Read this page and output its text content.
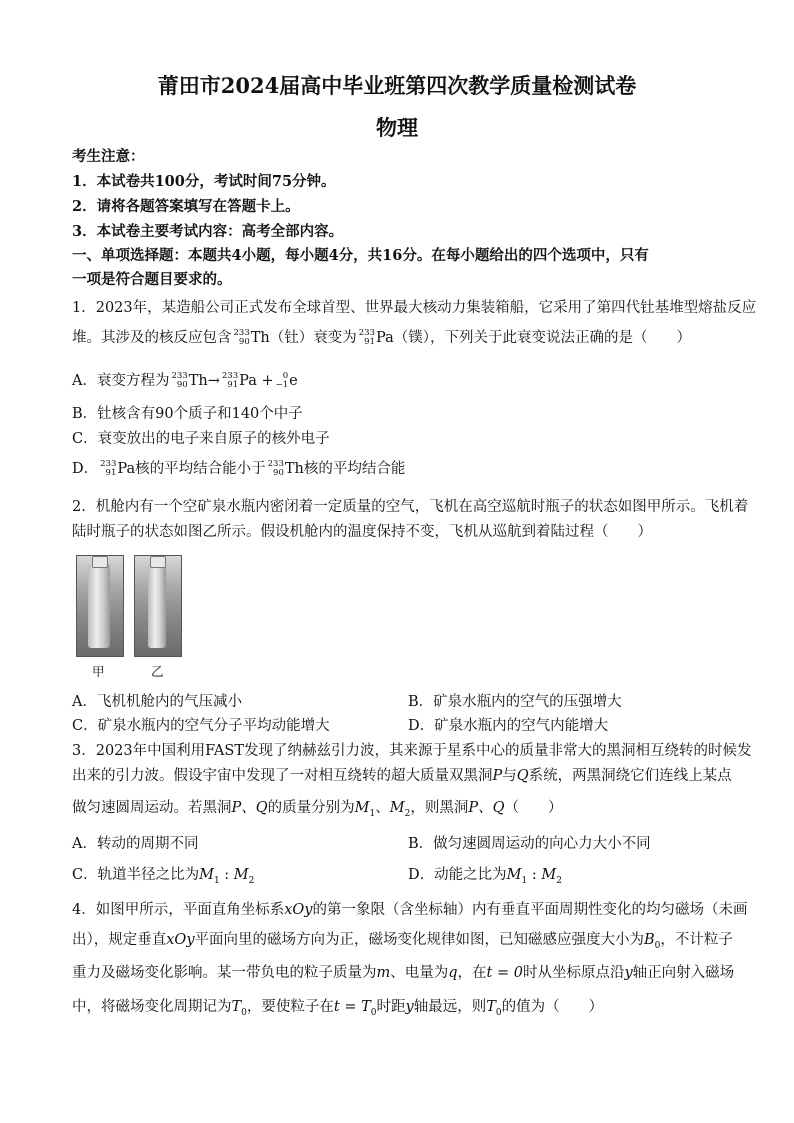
莆田市2024届高中毕业班第四次教学质量检测试卷
物理
考生注意：
1．本试卷共100分，考试时间75分钟。
2．请将各题答案填写在答题卡上。
3．本试卷主要考试内容：高考全部内容。
一、单项选择题：本题共4小题，每小题4分，共16分。在每小题给出的四个选项中，只有
一项是符合题目要求的。
1．2023年，某造船公司正式发布全球首型、世界最大核动力集装箱船，它采用了第四代钍基堆型熔盐反应
堆。其涉及的核反应包含 233
90 Th（钍）衰变为 233
91 Pa（镤），下列关于此衰变说法正确的是（　　）
A．衰变方程为 233
90 Th→ 233
91 Pa +	0
−1 e
B．钍核含有90个质子和140个中子
C．衰变放出的电子来自原子的核外电子
D． 233
91 Pa核的平均结合能小于 233
90 Th核的平均结合能
2．机舱内有一个空矿泉水瓶内密闭着一定质量的空气，飞机在高空巡航时瓶子的状态如图甲所示。飞机着
陆时瓶子的状态如图乙所示。假设机舱内的温度保持不变，飞机从巡航到着陆过程（　　）
甲	乙
A．飞机机舱内的气压减小	B．矿泉水瓶内的空气的压强增大
C．矿泉水瓶内的空气分子平均动能增大	D．矿泉水瓶内的空气内能增大
3．2023年中国利用FAST发现了纳赫兹引力波，其来源于星系中心的质量非常大的黑洞相互绕转的时候发
出来的引力波。假设宇宙中发现了一对相互绕转的超大质量双黑洞P与Q系统，两黑洞绕它们连线上某点
做匀速圆周运动。若黑洞P、Q的质量分别为$M_1$、$M_2$，则黑洞P、Q（　　）
A．转动的周期不同	B．做匀速圆周运动的向心力大小不同
C．轨道半径之比为$M_1$ : $M_2$	D．动能之比为$M_1$ : $M_2$
4．如图甲所示，平面直角坐标系xOy的第一象限（含坐标轴）内有垂直平面周期性变化的均匀磁场（未画
出），规定垂直xOy平面向里的磁场方向为正，磁场变化规律如图，已知磁感应强度大小为$B_0$，不计粒子
重力及磁场变化影响。某一带负电的粒子质量为m、电量为q，在t = 0时从坐标原点沿y轴正向射入磁场
中，将磁场变化周期记为$T_0$，要使粒子在$t = T_0$时距y轴最远，则$T_0$的值为（　　）
